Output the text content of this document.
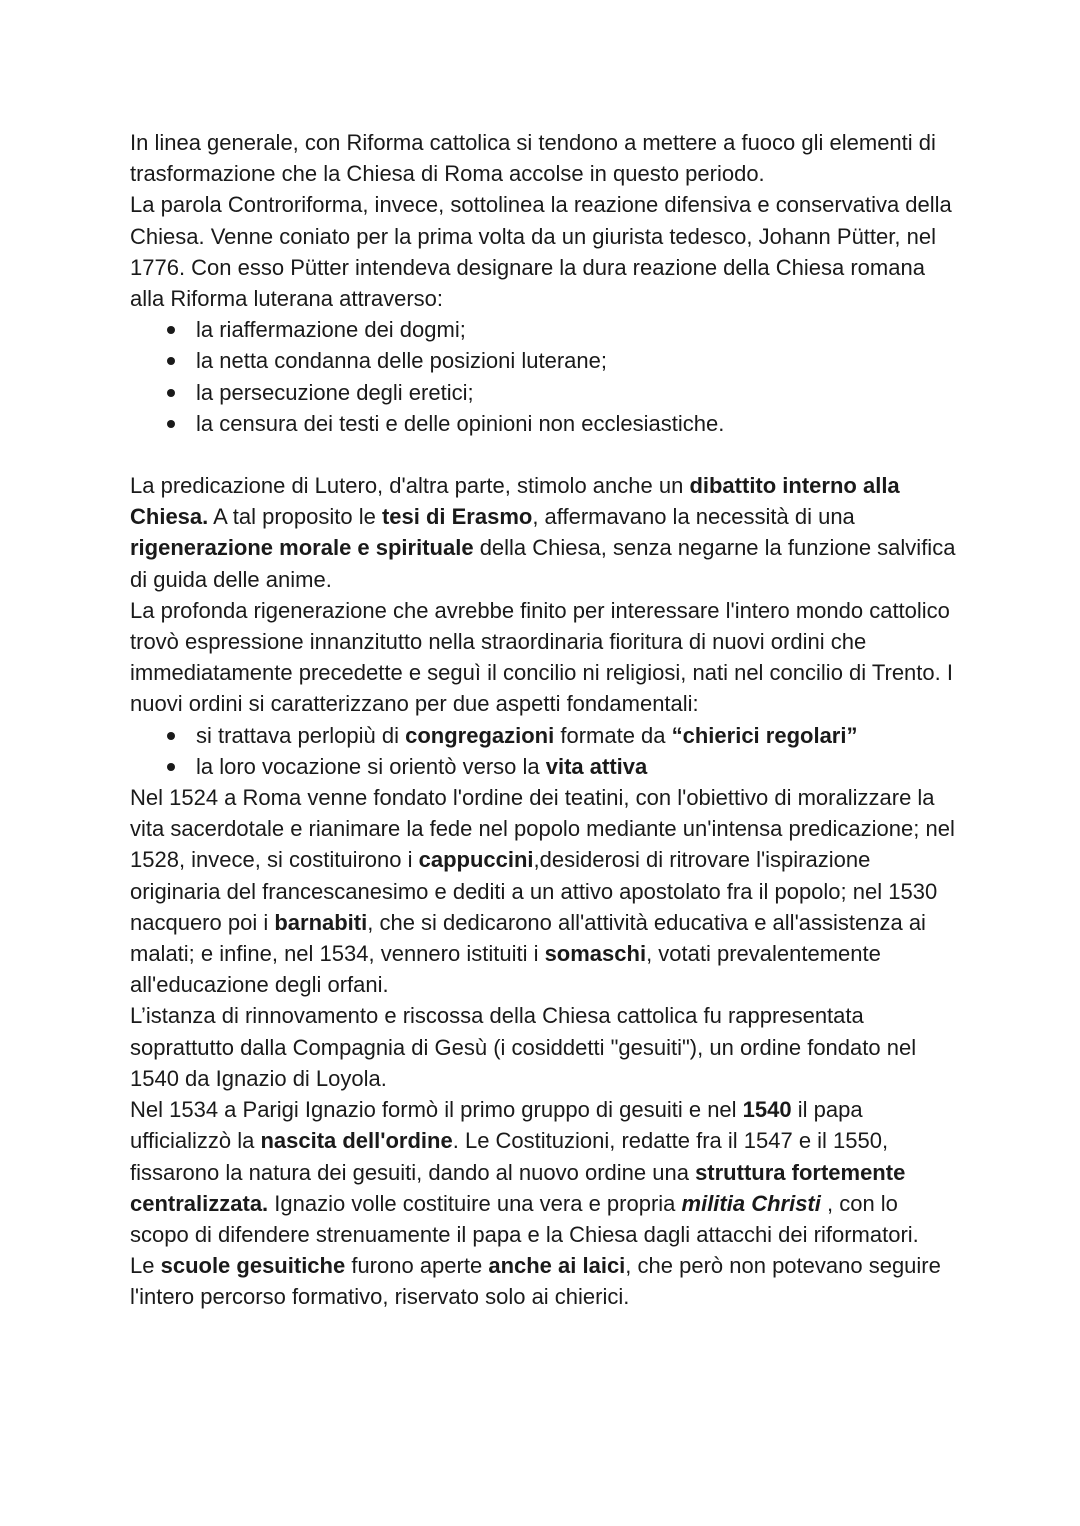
In linea generale, con Riforma cattolica si tendono a mettere a fuoco gli elementi di trasformazione che la Chiesa di Roma accolse in questo periodo.
La parola Controriforma, invece, sottolinea la reazione difensiva e conservativa della Chiesa. Venne coniato per la prima volta da un giurista tedesco, Johann Pütter, nel 1776. Con esso Pütter intendeva designare la dura reazione della Chiesa romana alla Riforma luterana attraverso:

la riaffermazione dei dogmi;
la netta condanna delle posizioni luterane;
la persecuzione degli eretici;
la censura dei testi e delle opinioni non ecclesiastiche.

La predicazione di Lutero, d'altra parte, stimolo anche un dibattito interno alla Chiesa. A tal proposito le tesi di Erasmo, affermavano la necessità di una rigenerazione morale e spirituale della Chiesa, senza negarne la funzione salvifica di guida delle anime.

La profonda rigenerazione che avrebbe finito per interessare l'intero mondo cattolico trovò espressione innanzitutto nella straordinaria fioritura di nuovi ordini che immediatamente precedette e seguì il concilio ni religiosi, nati nel concilio di Trento. I nuovi ordini si caratterizzano per due aspetti fondamentali:

si trattava perlopiù di congregazioni formate da “chierici regolari”
la loro vocazione si orientò verso la vita attiva

Nel 1524 a Roma venne fondato l'ordine dei teatini, con l'obiettivo di moralizzare la vita sacerdotale e rianimare la fede nel popolo mediante un'intensa predicazione; nel 1528, invece, si costituirono i cappuccini,desiderosi di ritrovare l'ispirazione originaria del francescanesimo e dediti a un attivo apostolato fra il popolo; nel 1530 nacquero poi i barnabiti, che si dedicarono all'attività educativa e all'assistenza ai malati; e infine, nel 1534, vennero istituiti i somaschi, votati prevalentemente all'educazione degli orfani.

L’istanza di rinnovamento e riscossa della Chiesa cattolica fu rappresentata soprattutto dalla Compagnia di Gesù (i cosiddetti "gesuiti"), un ordine fondato nel 1540 da Ignazio di Loyola.

Nel 1534 a Parigi Ignazio formò il primo gruppo di gesuiti e nel 1540 il papa ufficializzò la nascita dell'ordine. Le Costituzioni, redatte fra il 1547 e il 1550, fissarono la natura dei gesuiti, dando al nuovo ordine una struttura fortemente centralizzata. Ignazio volle costituire una vera e propria militia Christi , con lo scopo di difendere strenuamente il papa e la Chiesa dagli attacchi dei riformatori.

Le scuole gesuitiche furono aperte anche ai laici, che però non potevano seguire l'intero percorso formativo, riservato solo ai chierici.
